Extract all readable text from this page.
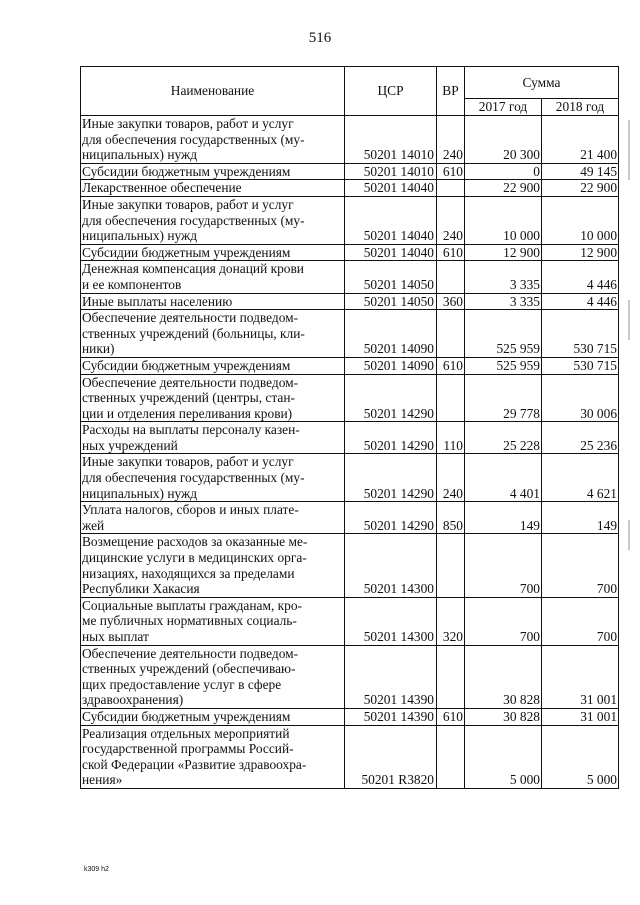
516
Наименование	ЦСР	ВР	Сумма	
			2017 год	2018 год

Иные закупки товаров, работ и услуг
для обеспечения государственных (му-
ниципальных) нужд	50201 14010	240	20 300	21 400

Субсидии бюджетным учреждениям	50201 14010	610	0	49 145

Лекарственное обеспечение	50201 14040		22 900	22 900

Иные закупки товаров, работ и услуг
для обеспечения государственных (му-
ниципальных) нужд	50201 14040	240	10 000	10 000

Субсидии бюджетным учреждениям	50201 14040	610	12 900	12 900

Денежная компенсация донаций крови
и ее компонентов	50201 14050		3 335	4 446

Иные выплаты населению	50201 14050	360	3 335	4 446

Обеспечение деятельности подведом-
ственных учреждений (больницы, кли-
ники)	50201 14090		525 959	530 715

Субсидии бюджетным учреждениям	50201 14090	610	525 959	530 715

Обеспечение деятельности подведом-
ственных учреждений (центры, стан-
ции и отделения переливания крови)	50201 14290		29 778	30 006

Расходы на выплаты персоналу казен-
ных учреждений	50201 14290	110	25 228	25 236

Иные закупки товаров, работ и услуг
для обеспечения государственных (му-
ниципальных) нужд	50201 14290	240	4 401	4 621

Уплата налогов, сборов и иных плате-
жей	50201 14290	850	149	149

Возмещение расходов за оказанные ме-
дицинские услуги в медицинских орга-
низациях, находящихся за пределами
Республики Хакасия	50201 14300		700	700

Социальные выплаты гражданам, кро-
ме публичных нормативных социаль-
ных выплат	50201 14300	320	700	700

Обеспечение деятельности подведом-
ственных учреждений (обеспечиваю-
щих предоставление услуг в сфере
здравоохранения)	50201 14390		30 828	31 001

Субсидии бюджетным учреждениям	50201 14390	610	30 828	31 001

Реализация отдельных мероприятий
государственной программы Россий-
ской Федерации «Развитие здравоохра-
нения»	50201 R3820		5 000	5 000
k309 h2
